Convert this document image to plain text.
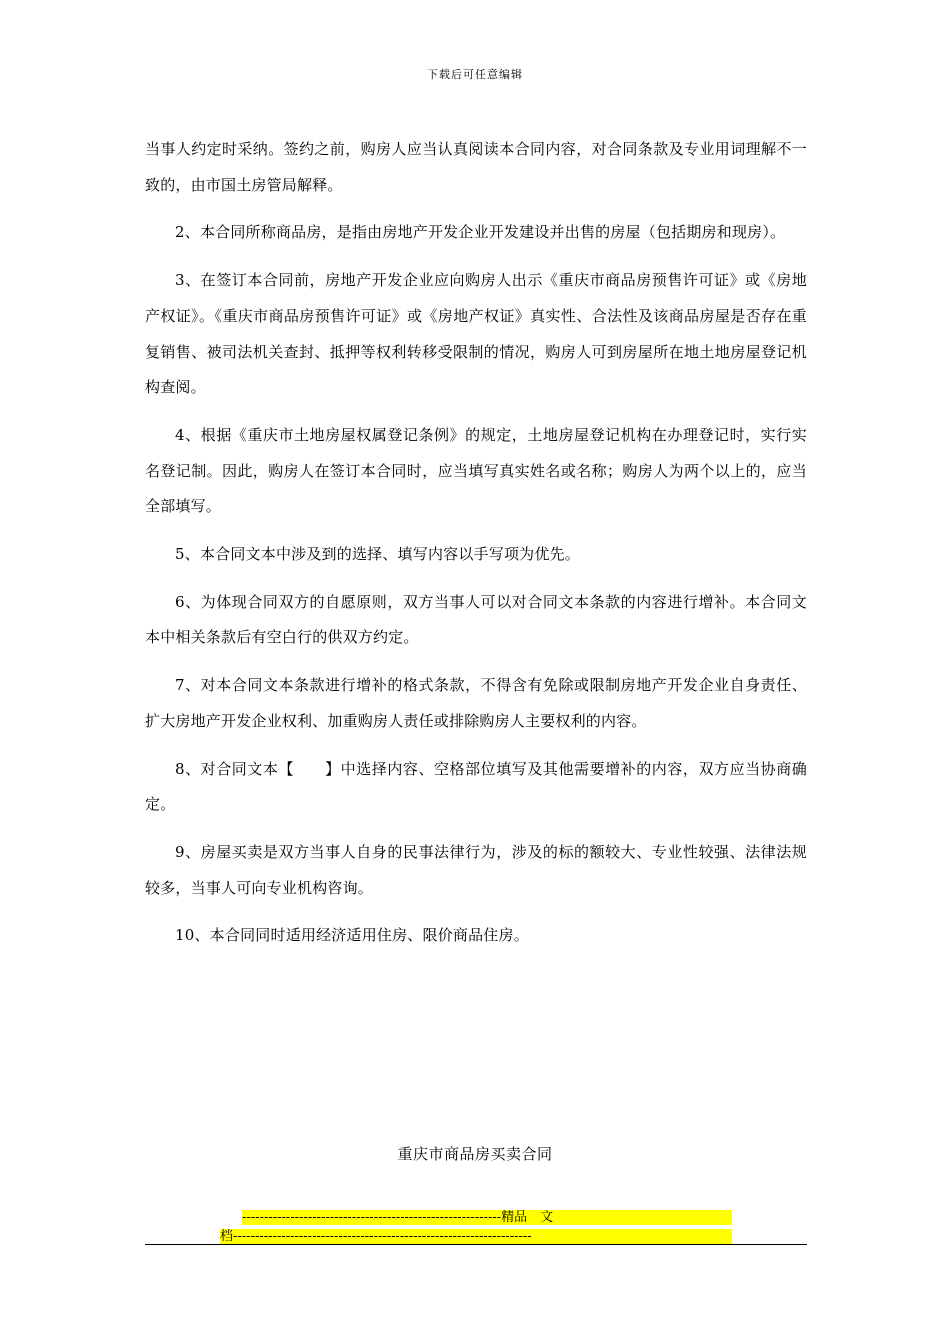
下载后可任意编辑

当事人约定时采纳。签约之前，购房人应当认真阅读本合同内容，对合同条款及专业用词理解不一致的，由市国土房管局解释。

2、本合同所称商品房，是指由房地产开发企业开发建设并出售的房屋（包括期房和现房）。

3、在签订本合同前，房地产开发企业应向购房人出示《重庆市商品房预售许可证》或《房地产权证》。《重庆市商品房预售许可证》或《房地产权证》真实性、合法性及该商品房屋是否存在重复销售、被司法机关查封、抵押等权利转移受限制的情况，购房人可到房屋所在地土地房屋登记机构查阅。

4、根据《重庆市土地房屋权属登记条例》的规定，土地房屋登记机构在办理登记时，实行实名登记制。因此，购房人在签订本合同时，应当填写真实姓名或名称；购房人为两个以上的，应当全部填写。

5、本合同文本中涉及到的选择、填写内容以手写项为优先。

6、为体现合同双方的自愿原则，双方当事人可以对合同文本条款的内容进行增补。本合同文本中相关条款后有空白行的供双方约定。

7、对本合同文本条款进行增补的格式条款，不得含有免除或限制房地产开发企业自身责任、扩大房地产开发企业权利、加重购房人责任或排除购房人主要权利的内容。

8、对合同文本【　　】中选择内容、空格部位填写及其他需要增补的内容，双方应当协商确定。

9、房屋买卖是双方当事人自身的民事法律行为，涉及的标的额较大、专业性较强、法律法规较多，当事人可向专业机构咨询。

10、本合同同时适用经济适用住房、限价商品住房。

重庆市商品房买卖合同
-----------------------------------------------------------精品　文
档--------------------------------------------------------------------
